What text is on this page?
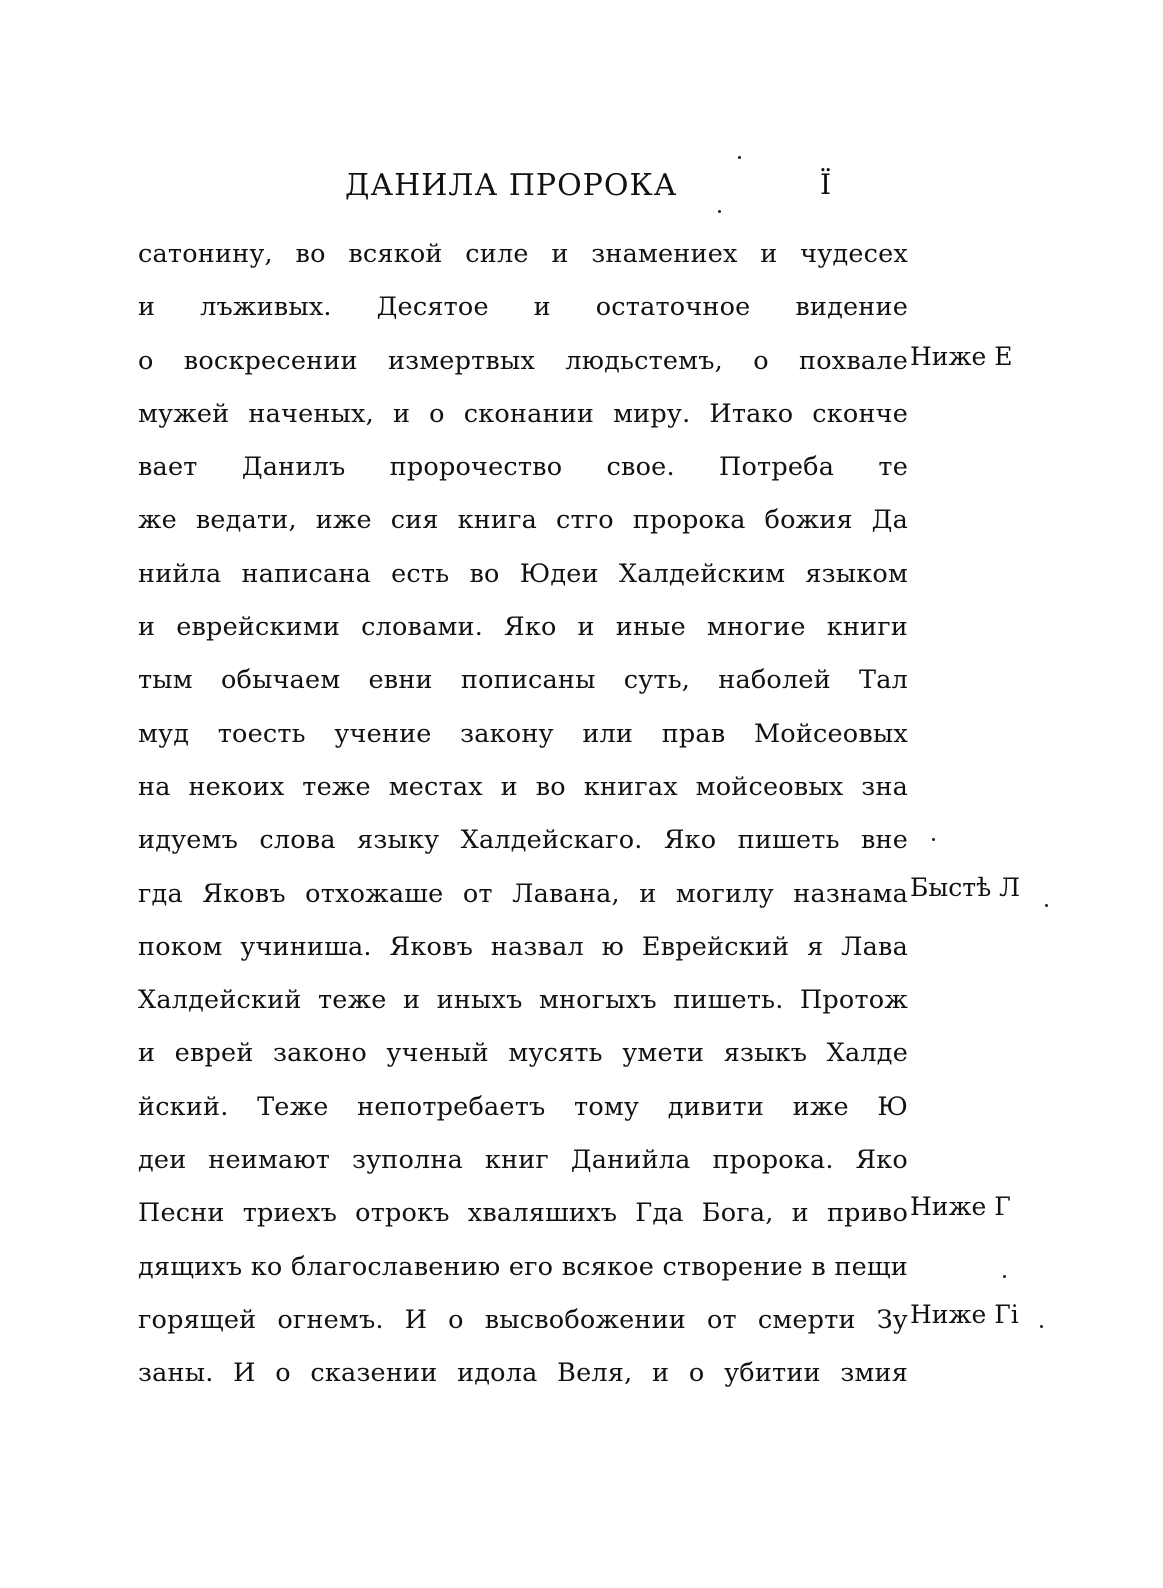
ДАНИЛА ПРОРОКА	Ї
сатонину, во всякой силе и знамениех и чудесех
и лъживых. Десятое и остаточное видение
о воскресении измертвых людьстемъ, о похвале
мужей наченых, и о сконании миру. Итако сконче
вает Данилъ пророчество свое. Потреба те
же ведати, иже сия книга стго пророка божия Да
нийла написана есть во Юдеи Халдейским языком
и еврейскими словами. Яко и иные многие книги
тым обычаем евни пописаны суть, наболей Тал
муд тоесть учение закону или прав Мойсеовых
на некоих теже местах и во книгах мойсеовых зна
идуемъ слова языку Халдейскаго. Яко пишеть вне
гда Яковъ отхожаше от Лавана, и могилу назнама
поком учиниша. Яковъ назвал ю Еврейский я Лава
Халдейский теже и иныхъ многыхъ пишеть. Протож
и еврей законо ученый мусять умети языкъ Халде
йский. Теже непотребаетъ тому дивити иже Ю
деи неимают зуполна книг Данийла пророка. Яко
Песни триехъ отрокъ хваляшихъ Гда Бога, и приво
дящихъ ко благославению его всякое створение в пещи
горящей огнемъ. И о высвобожении от смерти Зу
заны. И о сказении идола Веля, и о убитии змия
Ниже Е
Быстѣ Л
Ниже Г
Ниже Гі
